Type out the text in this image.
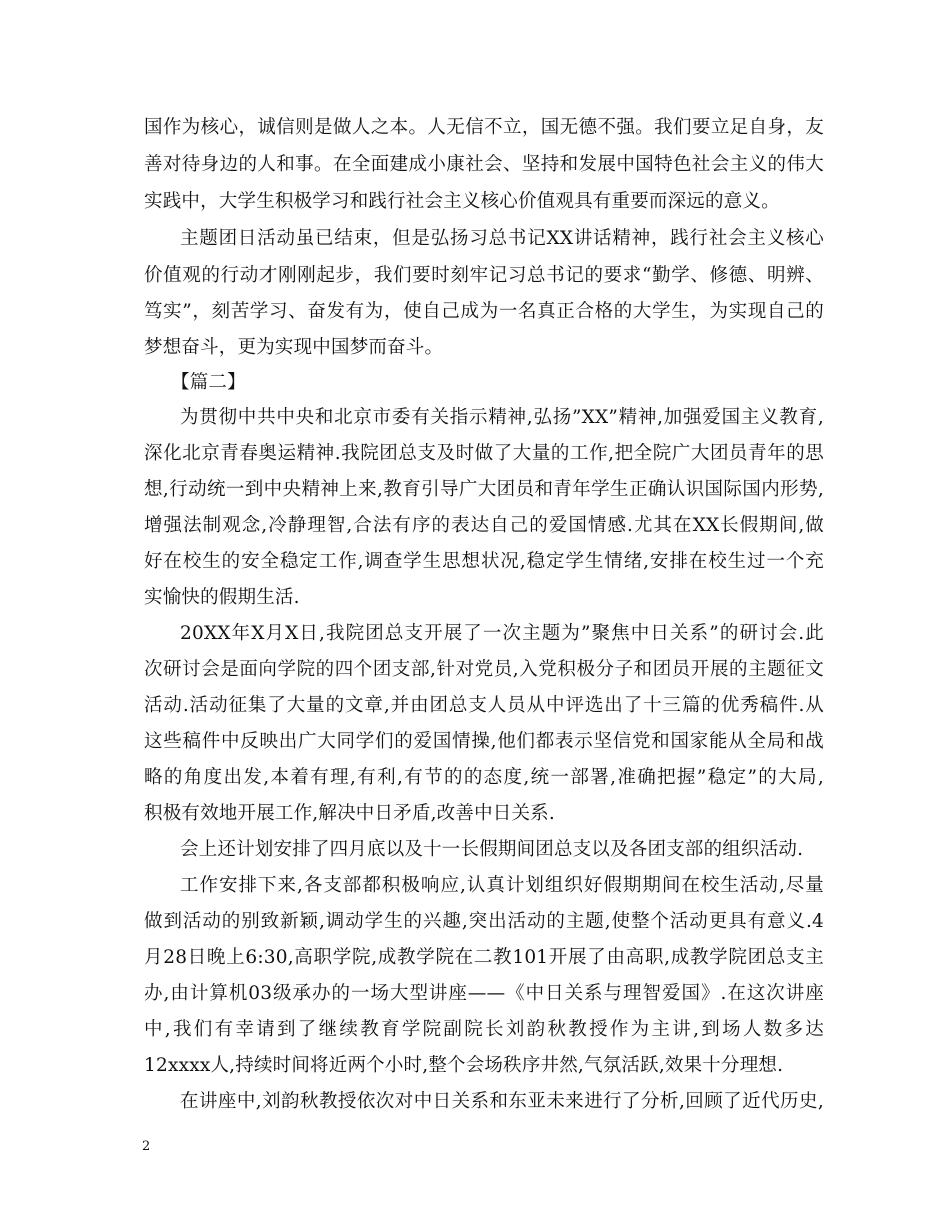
国作为核心，诚信则是做人之本。人无信不立，国无德不强。我们要立足自身，友
善对待身边的人和事。在全面建成小康社会、坚持和发展中国特色社会主义的伟大
实践中，大学生积极学习和践行社会主义核心价值观具有重要而深远的意义。
主题团日活动虽已结束，但是弘扬习总书记XX讲话精神，践行社会主义核心
价值观的行动才刚刚起步，我们要时刻牢记习总书记的要求“勤学、修德、明辨、
笃实”，刻苦学习、奋发有为，使自己成为一名真正合格的大学生，为实现自己的
梦想奋斗，更为实现中国梦而奋斗。
【篇二】
为贯彻中共中央和北京市委有关指示精神,弘扬”XX”精神,加强爱国主义教育,
深化北京青春奥运精神.我院团总支及时做了大量的工作,把全院广大团员青年的思
想,行动统一到中央精神上来,教育引导广大团员和青年学生正确认识国际国内形势,
增强法制观念,冷静理智,合法有序的表达自己的爱国情感.尤其在XX长假期间,做
好在校生的安全稳定工作,调查学生思想状况,稳定学生情绪,安排在校生过一个充
实愉快的假期生活.
20XX年X月X日,我院团总支开展了一次主题为”聚焦中日关系”的研讨会.此
次研讨会是面向学院的四个团支部,针对党员,入党积极分子和团员开展的主题征文
活动.活动征集了大量的文章,并由团总支人员从中评选出了十三篇的优秀稿件.从
这些稿件中反映出广大同学们的爱国情操,他们都表示坚信党和国家能从全局和战
略的角度出发,本着有理,有利,有节的的态度,统一部署,准确把握”稳定”的大局,
积极有效地开展工作,解决中日矛盾,改善中日关系.
会上还计划安排了四月底以及十一长假期间团总支以及各团支部的组织活动.
工作安排下来,各支部都积极响应,认真计划组织好假期期间在校生活动,尽量
做到活动的别致新颖,调动学生的兴趣,突出活动的主题,使整个活动更具有意义.4
月28日晚上6:30,高职学院,成教学院在二教101开展了由高职,成教学院团总支主
办,由计算机03级承办的一场大型讲座——《中日关系与理智爱国》.在这次讲座
中,我们有幸请到了继续教育学院副院长刘韵秋教授作为主讲,到场人数多达
12xxxx人,持续时间将近两个小时,整个会场秩序井然,气氛活跃,效果十分理想.
在讲座中,刘韵秋教授依次对中日关系和东亚未来进行了分析,回顾了近代历史,
2
